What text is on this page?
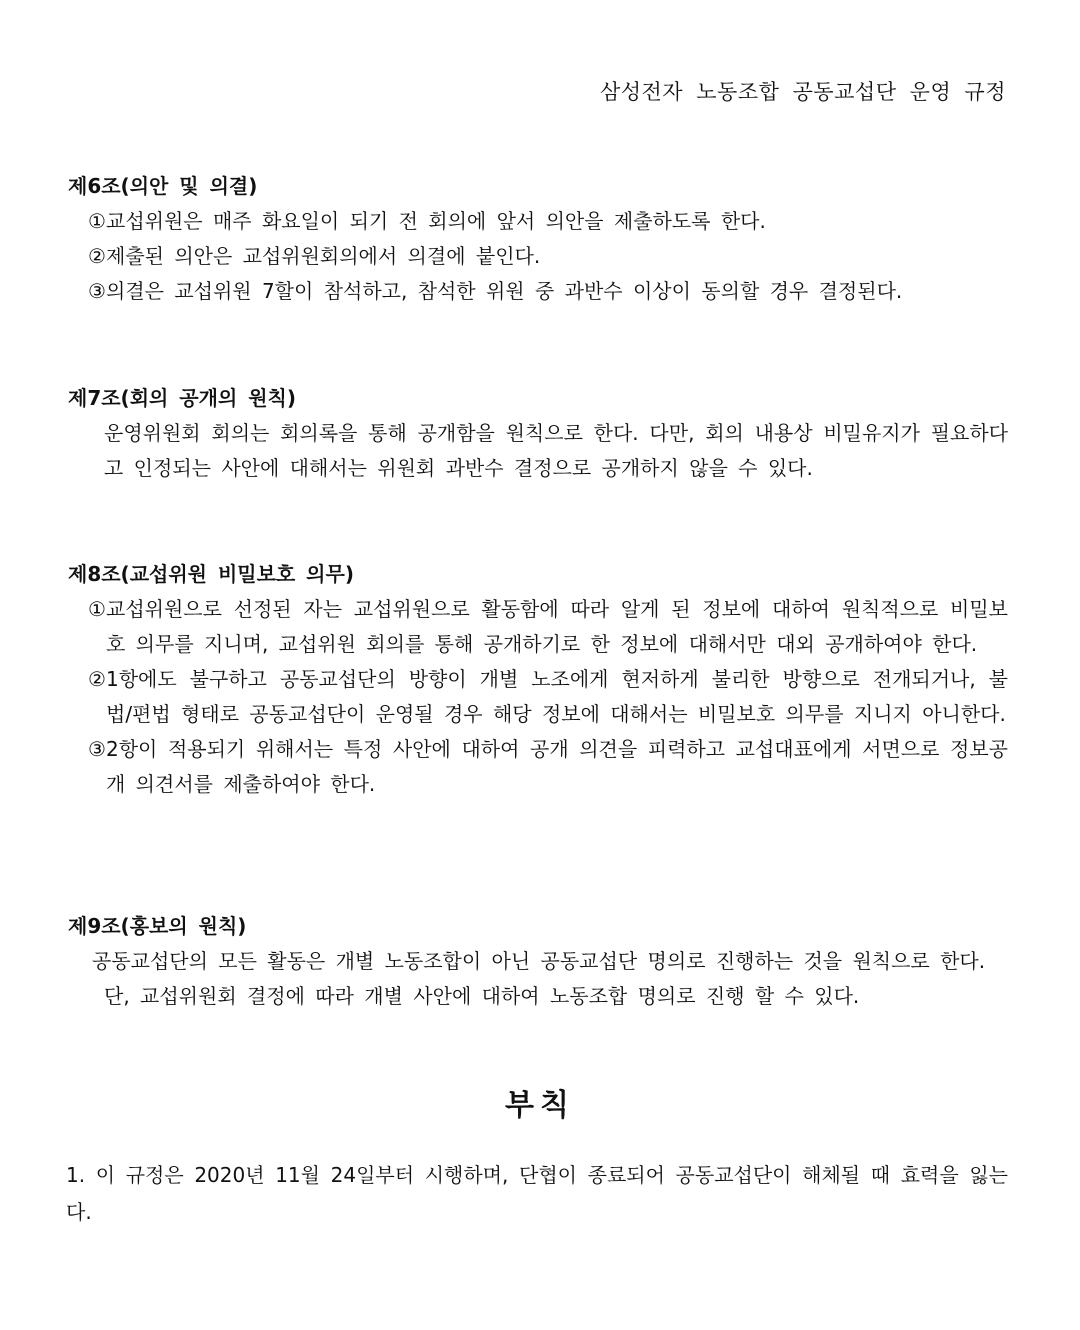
삼성전자 노동조합 공동교섭단 운영 규정
제6조(의안 및 의결)
① 교섭위원은 매주 화요일이 되기 전 회의에 앞서 의안을 제출하도록 한다.
② 제출된 의안은 교섭위원회의에서 의결에 붙인다.
③ 의결은 교섭위원 7할이 참석하고, 참석한 위원 중 과반수 이상이 동의할 경우 결정된다.
제7조(회의 공개의 원칙)
운영위원회 회의는 회의록을 통해 공개함을 원칙으로 한다. 다만, 회의 내용상 비밀유지가 필요하다고 인정되는 사안에 대해서는 위원회 과반수 결정으로 공개하지 않을 수 있다.
제8조(교섭위원 비밀보호 의무)
① 교섭위원으로 선정된 자는 교섭위원으로 활동함에 따라 알게 된 정보에 대하여 원칙적으로 비밀보호 의무를 지니며, 교섭위원 회의를 통해 공개하기로 한 정보에 대해서만 대외 공개하여야 한다.
② 1항에도 불구하고 공동교섭단의 방향이 개별 노조에게 현저하게 불리한 방향으로 전개되거나, 불법/편법 형태로 공동교섭단이 운영될 경우 해당 정보에 대해서는 비밀보호 의무를 지니지 아니한다.
③ 2항이 적용되기 위해서는 특정 사안에 대하여 공개 의견을 피력하고 교섭대표에게 서면으로 정보공개 의견서를 제출하여야 한다.
제9조(홍보의 원칙)
공동교섭단의 모든 활동은 개별 노동조합이 아닌 공동교섭단 명의로 진행하는 것을 원칙으로 한다.
단, 교섭위원회 결정에 따라 개별 사안에 대하여 노동조합 명의로 진행 할 수 있다.
부칙
1. 이 규정은 2020년 11월 24일부터 시행하며, 단협이 종료되어 공동교섭단이 해체될 때 효력을 잃는다.
